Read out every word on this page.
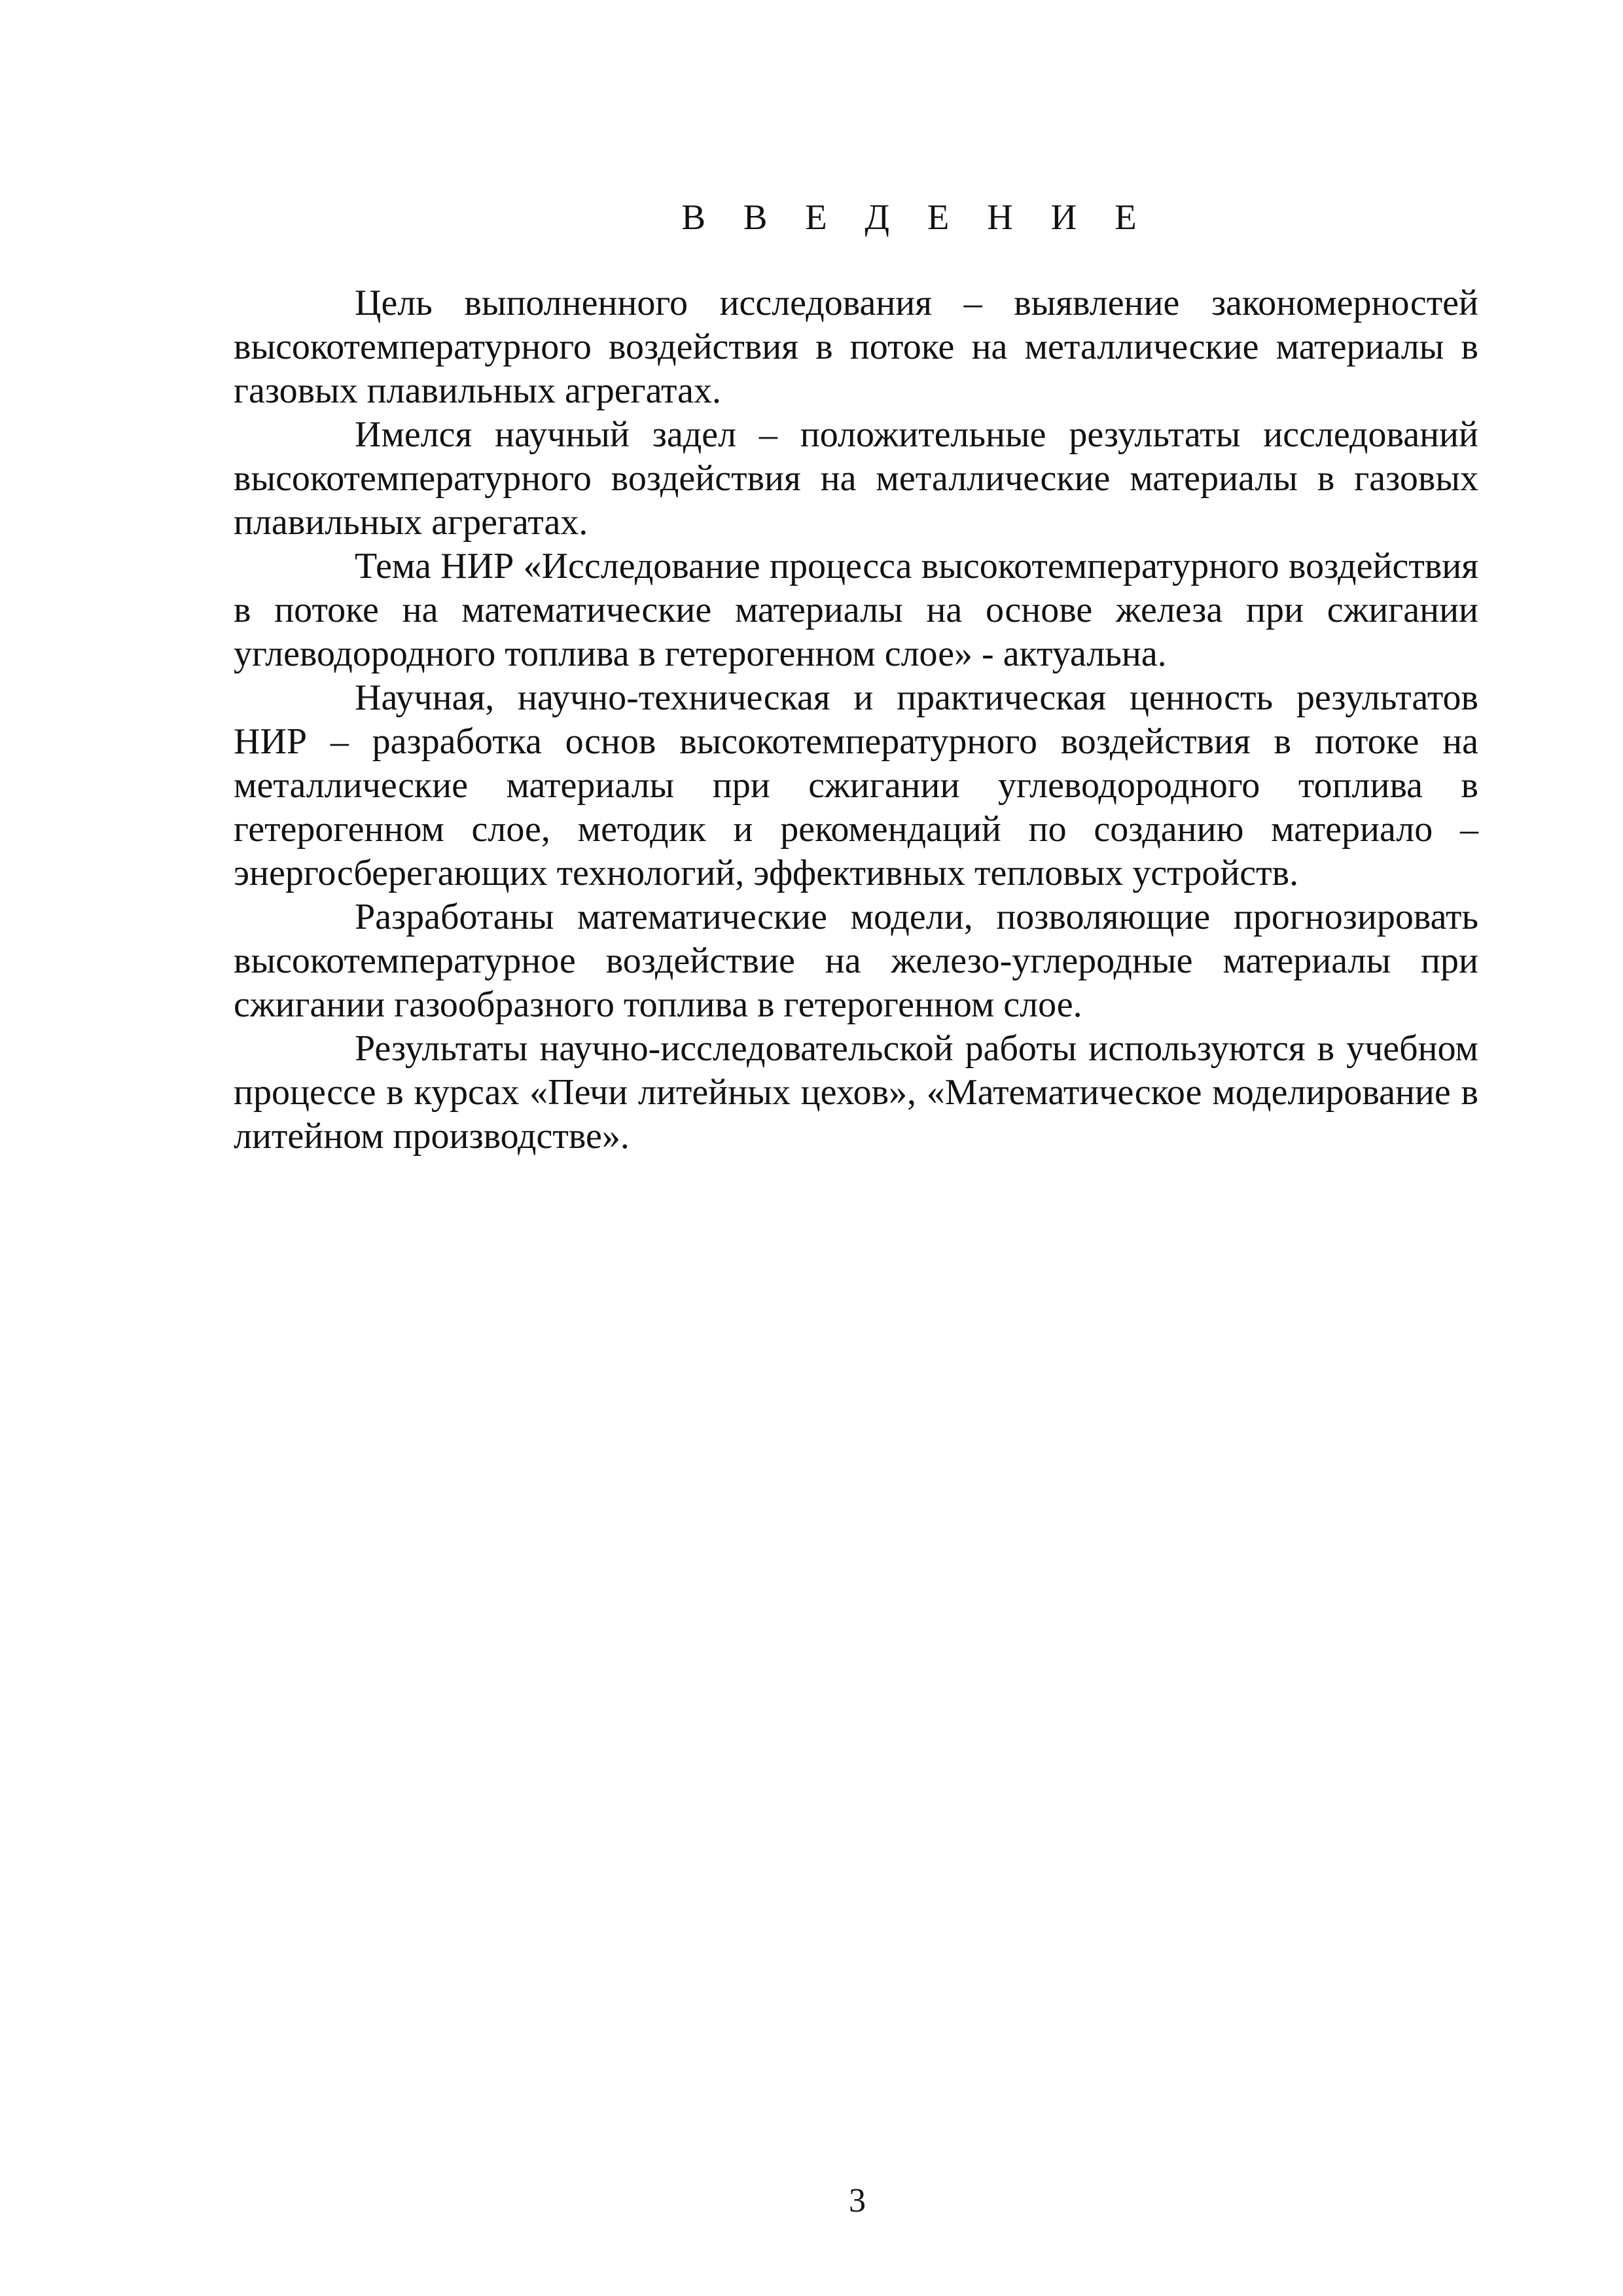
В В Е Д Е Н И Е

Цель выполненного исследования – выявление закономерностей высокотемпературного воздействия в потоке на металлические материалы в газовых плавильных агрегатах.

Имелся научный задел – положительные результаты исследований высокотемпературного воздействия на металлические материалы в газовых плавильных агрегатах.

Тема НИР «Исследование процесса высокотемпературного воздействия в потоке на математические материалы на основе железа при сжигании углеводородного топлива в гетерогенном слое» - актуальна.

Научная, научно-техническая и практическая ценность результатов НИР – разработка основ высокотемпературного воздействия в потоке на металлические материалы при сжигании углеводородного топлива в гетерогенном слое, методик и рекомендаций по созданию материало – энергосберегающих технологий, эффективных тепловых устройств.

Разработаны математические модели, позволяющие прогнозировать высокотемпературное воздействие на железо-углеродные материалы при сжигании газообразного топлива в гетерогенном слое.

Результаты научно-исследовательской работы используются в учебном процессе в курсах «Печи литейных цехов», «Математическое моделирование в литейном производстве».

3
